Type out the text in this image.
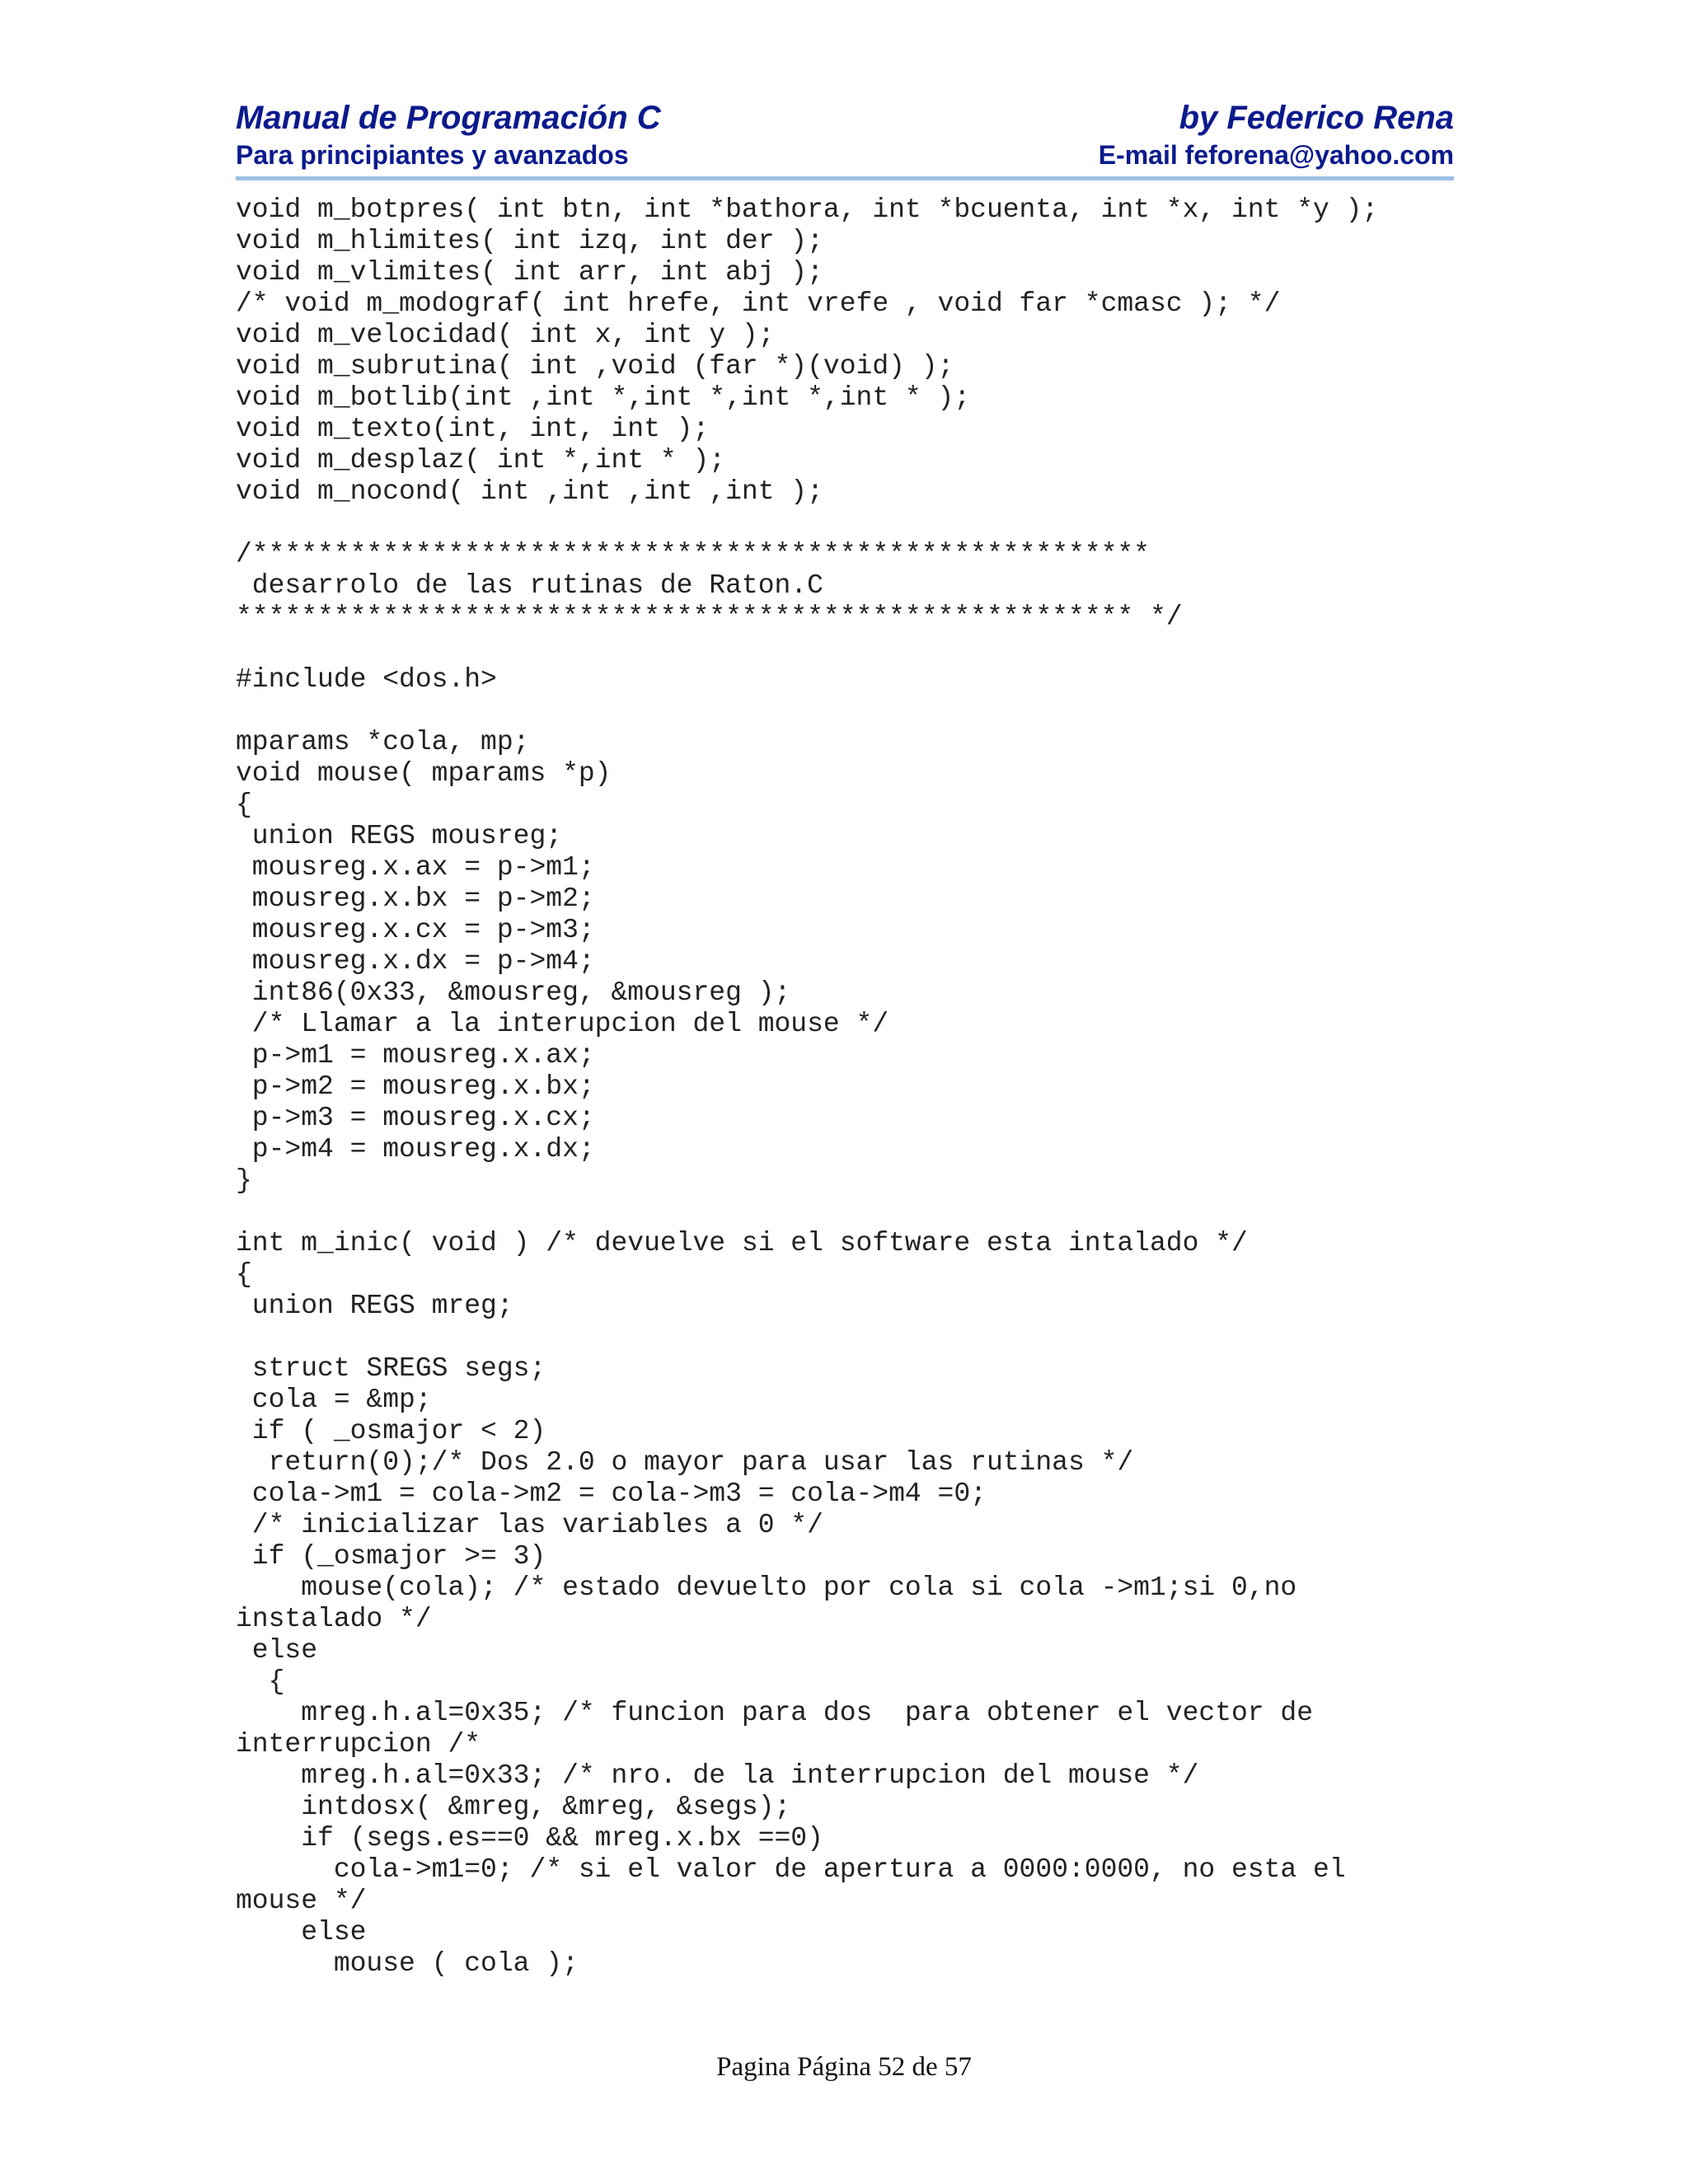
Manual de Programación C	by Federico Rena
Para principiantes y avanzados	E-mail feforena@yahoo.com
void m_botpres( int btn, int *bathora, int *bcuenta, int *x, int *y );
void m_hlimites( int izq, int der );
void m_vlimites( int arr, int abj );
/* void m_modograf( int hrefe, int vrefe , void far *cmasc ); */
void m_velocidad( int x, int y );
void m_subrutina( int ,void (far *)(void) );
void m_botlib(int ,int *,int *,int *,int * );
void m_texto(int, int, int );
void m_desplaz( int *,int * );
void m_nocond( int ,int ,int ,int );
/*******************************************************
desarrolo de las rutinas de Raton.C
******************************************************* */
#include <dos.h>
mparams *cola, mp;
void mouse( mparams *p)
{
union REGS mousreg;
mousreg.x.ax = p->m1;
mousreg.x.bx = p->m2;
mousreg.x.cx = p->m3;
mousreg.x.dx = p->m4;
int86(0x33, &mousreg, &mousreg );
/* Llamar a la interupcion del mouse */
p->m1 = mousreg.x.ax;
p->m2 = mousreg.x.bx;
p->m3 = mousreg.x.cx;
p->m4 = mousreg.x.dx;
}
int m_inic( void ) /* devuelve si el software esta intalado */
{
union REGS mreg;
struct SREGS segs;
cola = &mp;
if ( _osmajor < 2)
return(0);/* Dos 2.0 o mayor para usar las rutinas */
cola->m1 = cola->m2 = cola->m3 = cola->m4 =0;
/* inicializar las variables a 0 */
if (_osmajor >= 3)
mouse(cola); /* estado devuelto por cola si cola ->m1;si 0,no
instalado */
else
{
mreg.h.al=0x35; /* funcion para dos  para obtener el vector de
interrupcion /*
mreg.h.al=0x33; /* nro. de la interrupcion del mouse */
intdosx( &mreg, &mreg, &segs);
if (segs.es==0 && mreg.x.bx ==0)
cola->m1=0; /* si el valor de apertura a 0000:0000, no esta el
mouse */
else
mouse ( cola );
Pagina Página 52 de 57
